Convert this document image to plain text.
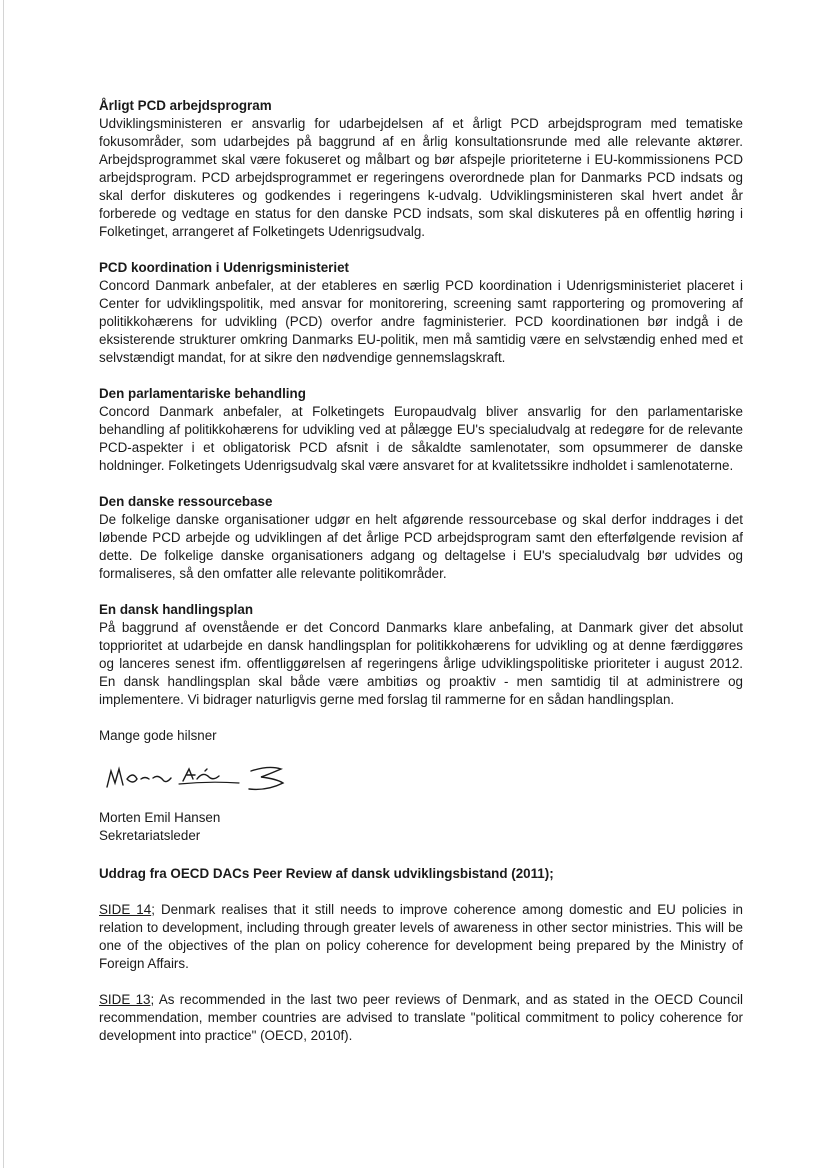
Årligt PCD arbejdsprogram

Udviklingsministeren er ansvarlig for udarbejdelsen af et årligt PCD arbejdsprogram med tematiske fokusområder, som udarbejdes på baggrund af en årlig konsultationsrunde med alle relevante aktører. Arbejdsprogrammet skal være fokuseret og målbart og bør afspejle prioriteterne i EU-kommissionens PCD arbejdsprogram. PCD arbejdsprogrammet er regeringens overordnede plan for Danmarks PCD indsats og skal derfor diskuteres og godkendes i regeringens k-udvalg. Udviklingsministeren skal hvert andet år forberede og vedtage en status for den danske PCD indsats, som skal diskuteres på en offentlig høring i Folketinget, arrangeret af Folketingets Udenrigsudvalg.

PCD koordination i Udenrigsministeriet

Concord Danmark anbefaler, at der etableres en særlig PCD koordination i Udenrigsministeriet placeret i Center for udviklingspolitik, med ansvar for monitorering, screening samt rapportering og promovering af politikkohærens for udvikling (PCD) overfor andre fagministerier. PCD koordinationen bør indgå i de eksisterende strukturer omkring Danmarks EU-politik, men må samtidig være en selvstændig enhed med et selvstændigt mandat, for at sikre den nødvendige gennemslagskraft.

Den parlamentariske behandling

Concord Danmark anbefaler, at Folketingets Europaudvalg bliver ansvarlig for den parlamentariske behandling af politikkohærens for udvikling ved at pålægge EU's specialudvalg at redegøre for de relevante PCD-aspekter i et obligatorisk PCD afsnit i de såkaldte samlenotater, som opsummerer de danske holdninger. Folketingets Udenrigsudvalg skal være ansvaret for at kvalitetssikre indholdet i samlenotaterne.

Den danske ressourcebase

De folkelige danske organisationer udgør en helt afgørende ressourcebase og skal derfor inddrages i det løbende PCD arbejde og udviklingen af det årlige PCD arbejdsprogram samt den efterfølgende revision af dette. De folkelige danske organisationers adgang og deltagelse i EU's specialudvalg bør udvides og formaliseres, så den omfatter alle relevante politikområder.

En dansk handlingsplan

På baggrund af ovenstående er det Concord Danmarks klare anbefaling, at Danmark giver det absolut topprioritet at udarbejde en dansk handlingsplan for politikkohærens for udvikling og at denne færdiggøres og lanceres senest ifm. offentliggørelsen af regeringens årlige udviklingspolitiske prioriteter i august 2012. En dansk handlingsplan skal både være ambitiøs og proaktiv - men samtidig til at administrere og implementere. Vi bidrager naturligvis gerne med forslag til rammerne for en sådan handlingsplan.

Mange gode hilsner

Morten Emil Hansen

Sekretariatsleder

Uddrag fra OECD DACs Peer Review af dansk udviklingsbistand (2011);

SIDE 14; Denmark realises that it still needs to improve coherence among domestic and EU policies in relation to development, including through greater levels of awareness in other sector ministries. This will be one of the objectives of the plan on policy coherence for development being prepared by the Ministry of Foreign Affairs.

SIDE 13; As recommended in the last two peer reviews of Denmark, and as stated in the OECD Council recommendation, member countries are advised to translate "political commitment to policy coherence for development into practice" (OECD, 2010f).
